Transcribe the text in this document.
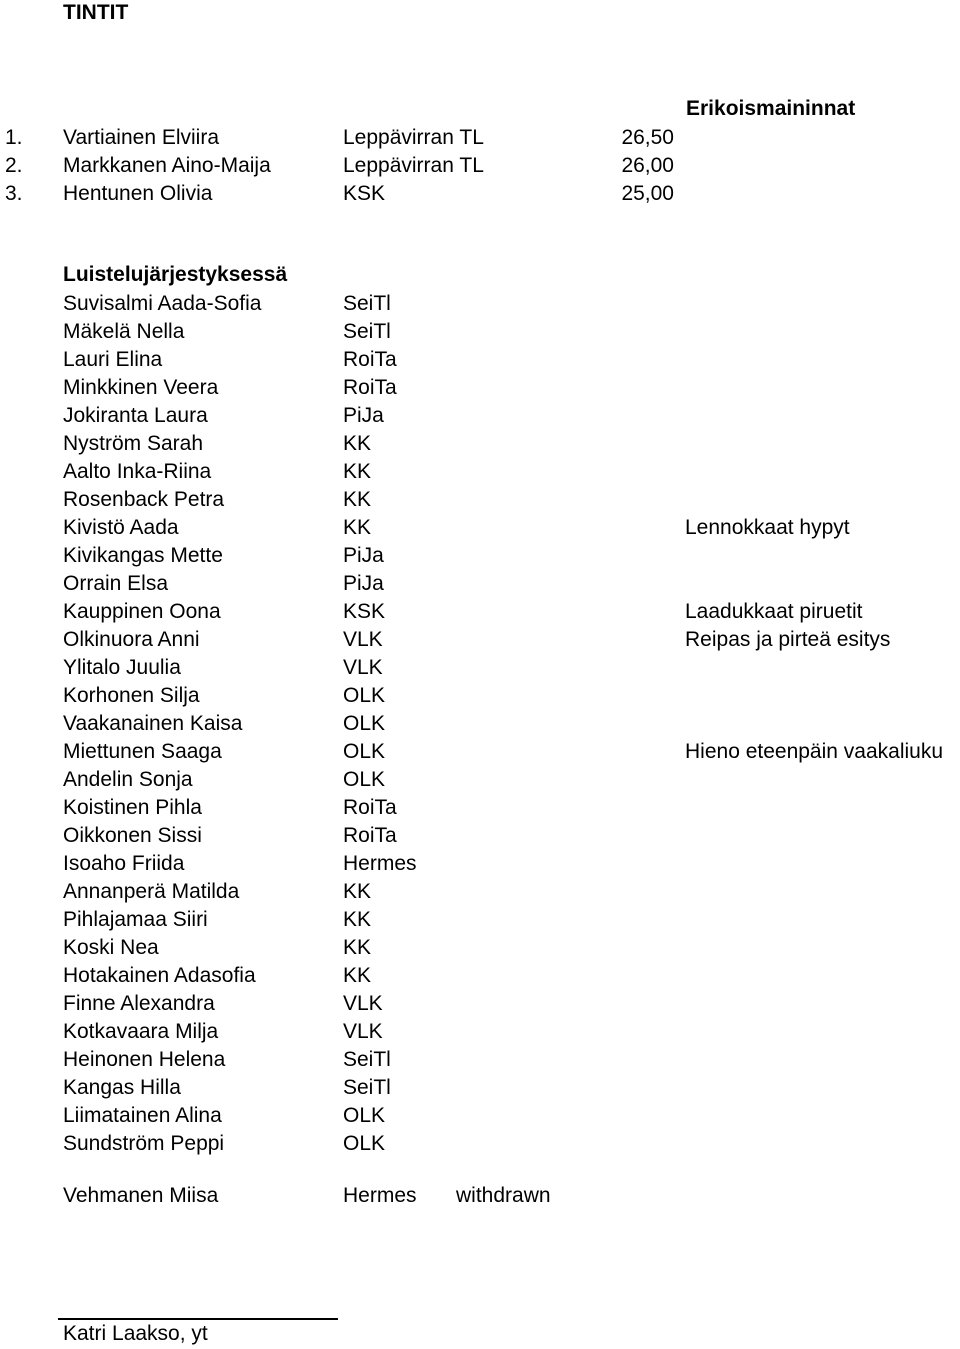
TINTIT
Erikoismaininnat
1. Vartiainen Elviira	Leppävirran TL	26,50
2. Markkanen Aino-Maija	Leppävirran TL	26,00
3. Hentunen Olivia	KSK	25,00
Luistelujärjestyksessä
Suvisalmi Aada-Sofia	SeiTl
Mäkelä Nella	SeiTl
Lauri Elina	RoiTa
Minkkinen Veera	RoiTa
Jokiranta Laura	PiJa
Nyström Sarah	KK
Aalto Inka-Riina	KK
Rosenback Petra	KK
Kivistö Aada	KK	Lennokkaat hypyt
Kivikangas Mette	PiJa
Orrain Elsa	PiJa
Kauppinen Oona	KSK	Laadukkaat piruetit
Olkinuora Anni	VLK	Reipas ja pirteä esitys
Ylitalo Juulia	VLK
Korhonen Silja	OLK
Vaakanainen Kaisa	OLK
Miettunen Saaga	OLK	Hieno eteenpäin vaakaliuku
Andelin Sonja	OLK
Koistinen Pihla	RoiTa
Oikkonen Sissi	RoiTa
Isoaho Friida	Hermes
Annanperä Matilda	KK
Pihlajamaa Siiri	KK
Koski Nea	KK
Hotakainen Adasofia	KK
Finne Alexandra	VLK
Kotkavaara Milja	VLK
Heinonen Helena	SeiTl
Kangas Hilla	SeiTl
Liimatainen Alina	OLK
Sundström Peppi	OLK
Vehmanen Miisa	Hermes withdrawn
Katri Laakso, yt
